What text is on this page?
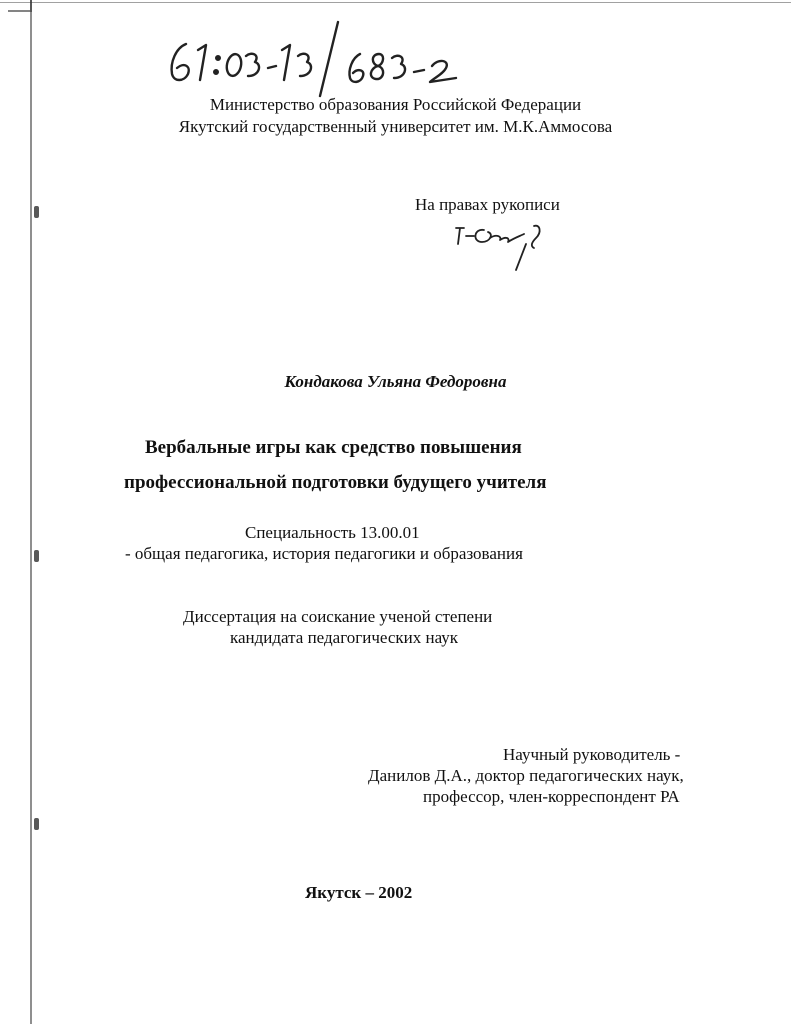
Министерство образования Российской Федерации
Якутский государственный университет им. М.К.Аммосова
На правах рукописи
Кондакова Ульяна Федоровна
Вербальные игры как средство повышения
профессиональной подготовки будущего учителя
Специальность 13.00.01
- общая педагогика, история педагогики и образования
Диссертация на соискание ученой степени
кандидата педагогических наук
Научный руководитель -
Данилов Д.А., доктор педагогических наук,
профессор, член-корреспондент РА
Якутск – 2002
